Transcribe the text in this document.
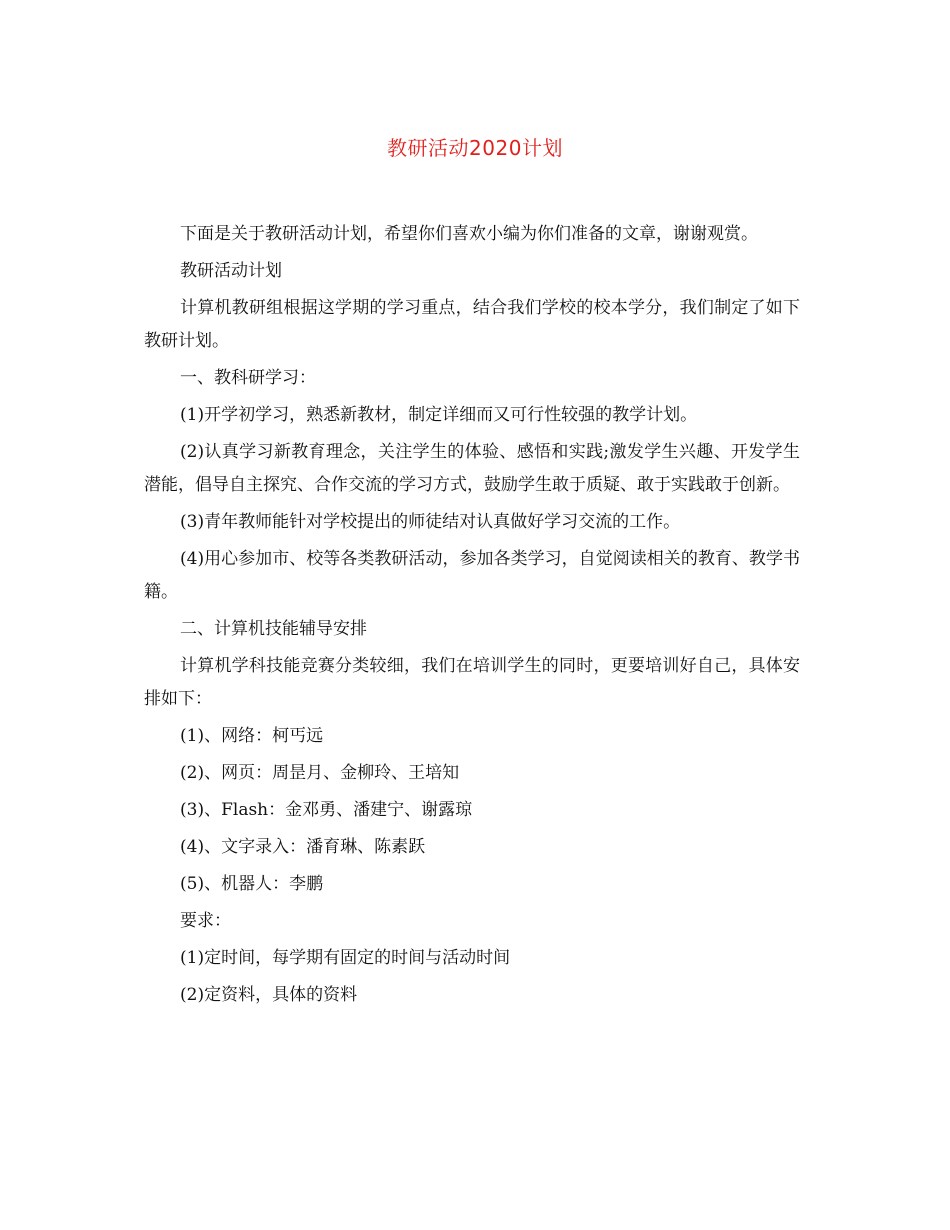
教研活动2020计划

下面是关于教研活动计划，希望你们喜欢小编为你们准备的文章，谢谢观赏。

教研活动计划

计算机教研组根据这学期的学习重点，结合我们学校的校本学分，我们制定了如下教研计划。

一、教科研学习：

(1)开学初学习，熟悉新教材，制定详细而又可行性较强的教学计划。

(2)认真学习新教育理念，关注学生的体验、感悟和实践;激发学生兴趣、开发学生潜能，倡导自主探究、合作交流的学习方式，鼓励学生敢于质疑、敢于实践敢于创新。

(3)青年教师能针对学校提出的师徒结对认真做好学习交流的工作。

(4)用心参加市、校等各类教研活动，参加各类学习，自觉阅读相关的教育、教学书籍。

二、计算机技能辅导安排

计算机学科技能竞赛分类较细，我们在培训学生的同时，更要培训好自己，具体安排如下：

(1)、网络：柯丐远

(2)、网页：周昰月、金柳玲、王培知

(3)、Flash：金邓勇、潘建宁、谢露琼

(4)、文字录入：潘育琳、陈素跃

(5)、机器人：李鹏

要求：

(1)定时间，每学期有固定的时间与活动时间

(2)定资料，具体的资料
